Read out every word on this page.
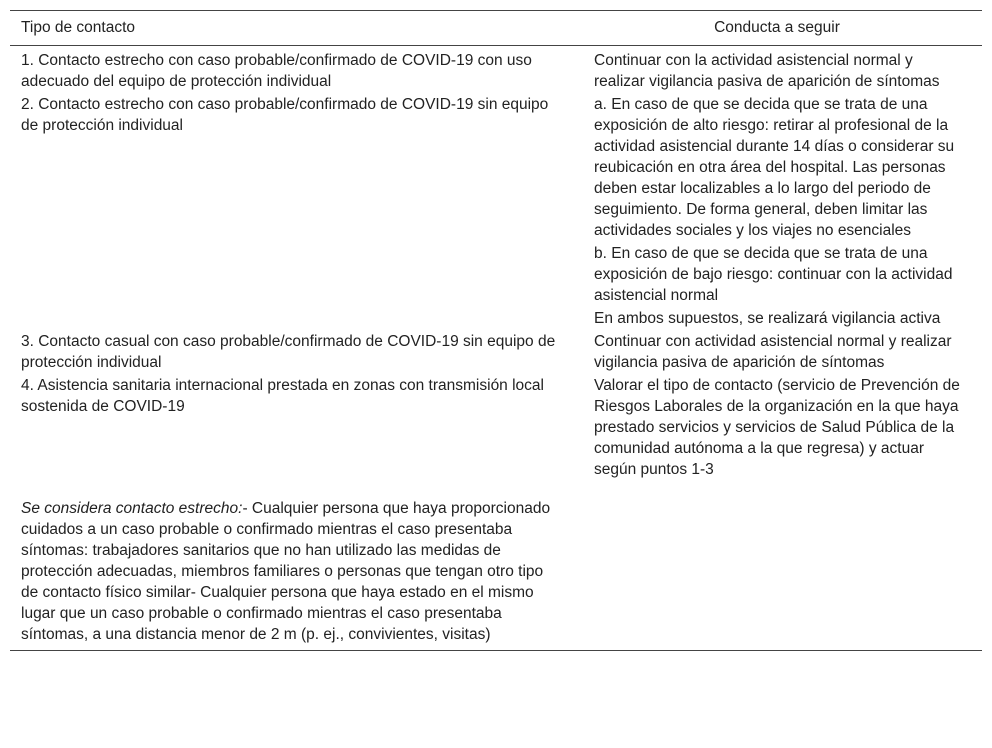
Tipo de contacto	Conducta a seguir
1. Contacto estrecho con caso probable/confirmado de COVID-19 con uso adecuado del equipo de protección individual

Continuar con la actividad asistencial normal y realizar vigilancia pasiva de aparición de síntomas

2. Contacto estrecho con caso probable/confirmado de COVID-19 sin equipo de protección individual

a. En caso de que se decida que se trata de una exposición de alto riesgo: retirar al profesional de la actividad asistencial durante 14 días o considerar su reubicación en otra área del hospital. Las personas deben estar localizables a lo largo del periodo de seguimiento. De forma general, deben limitar las actividades sociales y los viajes no esenciales

b. En caso de que se decida que se trata de una exposición de bajo riesgo: continuar con la actividad asistencial normal

En ambos supuestos, se realizará vigilancia activa

3. Contacto casual con caso probable/confirmado de COVID-19 sin equipo de protección individual

Continuar con actividad asistencial normal y realizar vigilancia pasiva de aparición de síntomas

4. Asistencia sanitaria internacional prestada en zonas con transmisión local sostenida de COVID-19

Valorar el tipo de contacto (servicio de Prevención de Riesgos Laborales de la organización en la que haya prestado servicios y servicios de Salud Pública de la comunidad autónoma a la que regresa) y actuar según puntos 1-3

Se considera contacto estrecho:- Cualquier persona que haya proporcionado cuidados a un caso probable o confirmado mientras el caso presentaba síntomas: trabajadores sanitarios que no han utilizado las medidas de protección adecuadas, miembros familiares o personas que tengan otro tipo de contacto físico similar- Cualquier persona que haya estado en el mismo lugar que un caso probable o confirmado mientras el caso presentaba síntomas, a una distancia menor de 2 m (p. ej., convivientes, visitas)
